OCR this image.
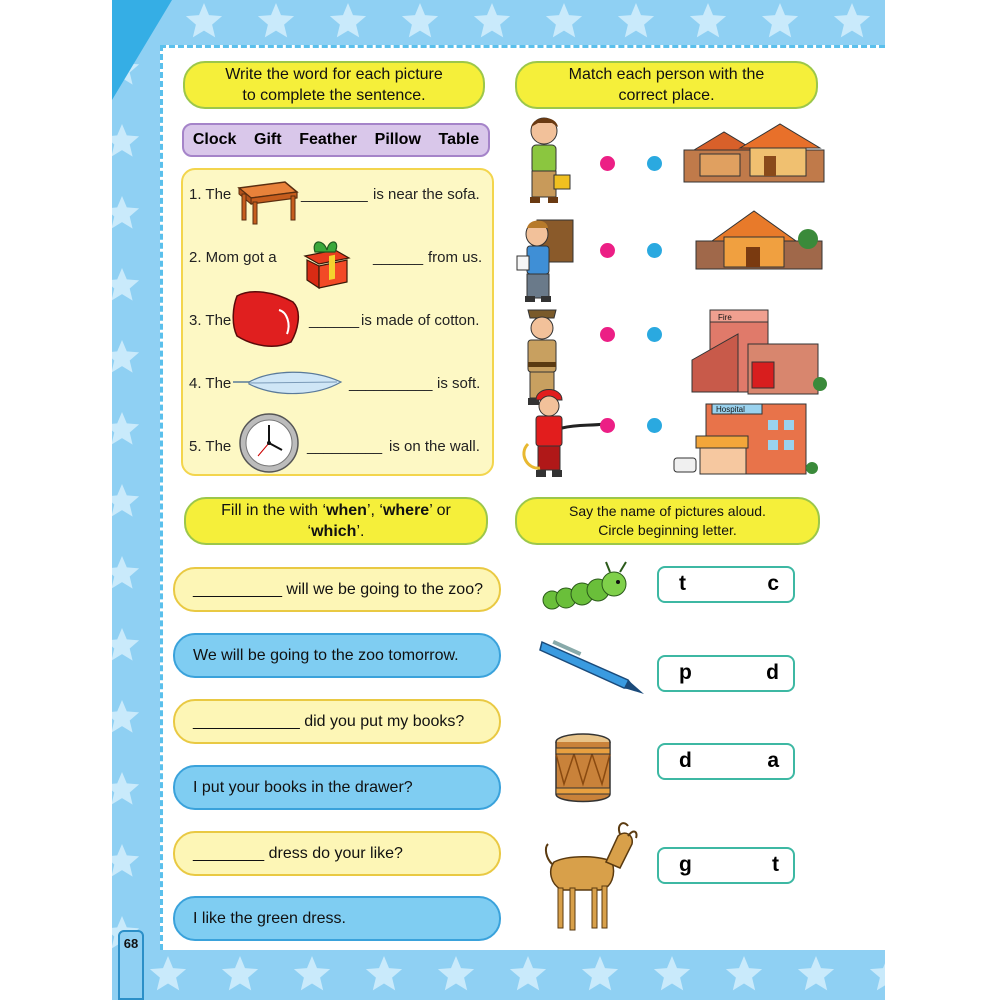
68
Write the word for each picture
to complete the sentence.
Clock Gift Feather Pillow Table
1. The	________ is near the sofa.
2. Mom got a	______ from us.
3. The	______ is made of cotton.
4. The	__________ is soft.
5. The	_________ is on the wall.
Match each person with the
correct place.
Fire
Hospital
Fill in the with ‘when’, ‘where’ or
‘which’.
__________ will we be going to the zoo?
We will be going to the zoo tomorrow.
____________ did you put my books?
I put your books in the drawer?
________ dress do your like?
I like the green dress.
Say the name of pictures aloud.
Circle beginning letter.
t	c
p	d
d	a
g	t
